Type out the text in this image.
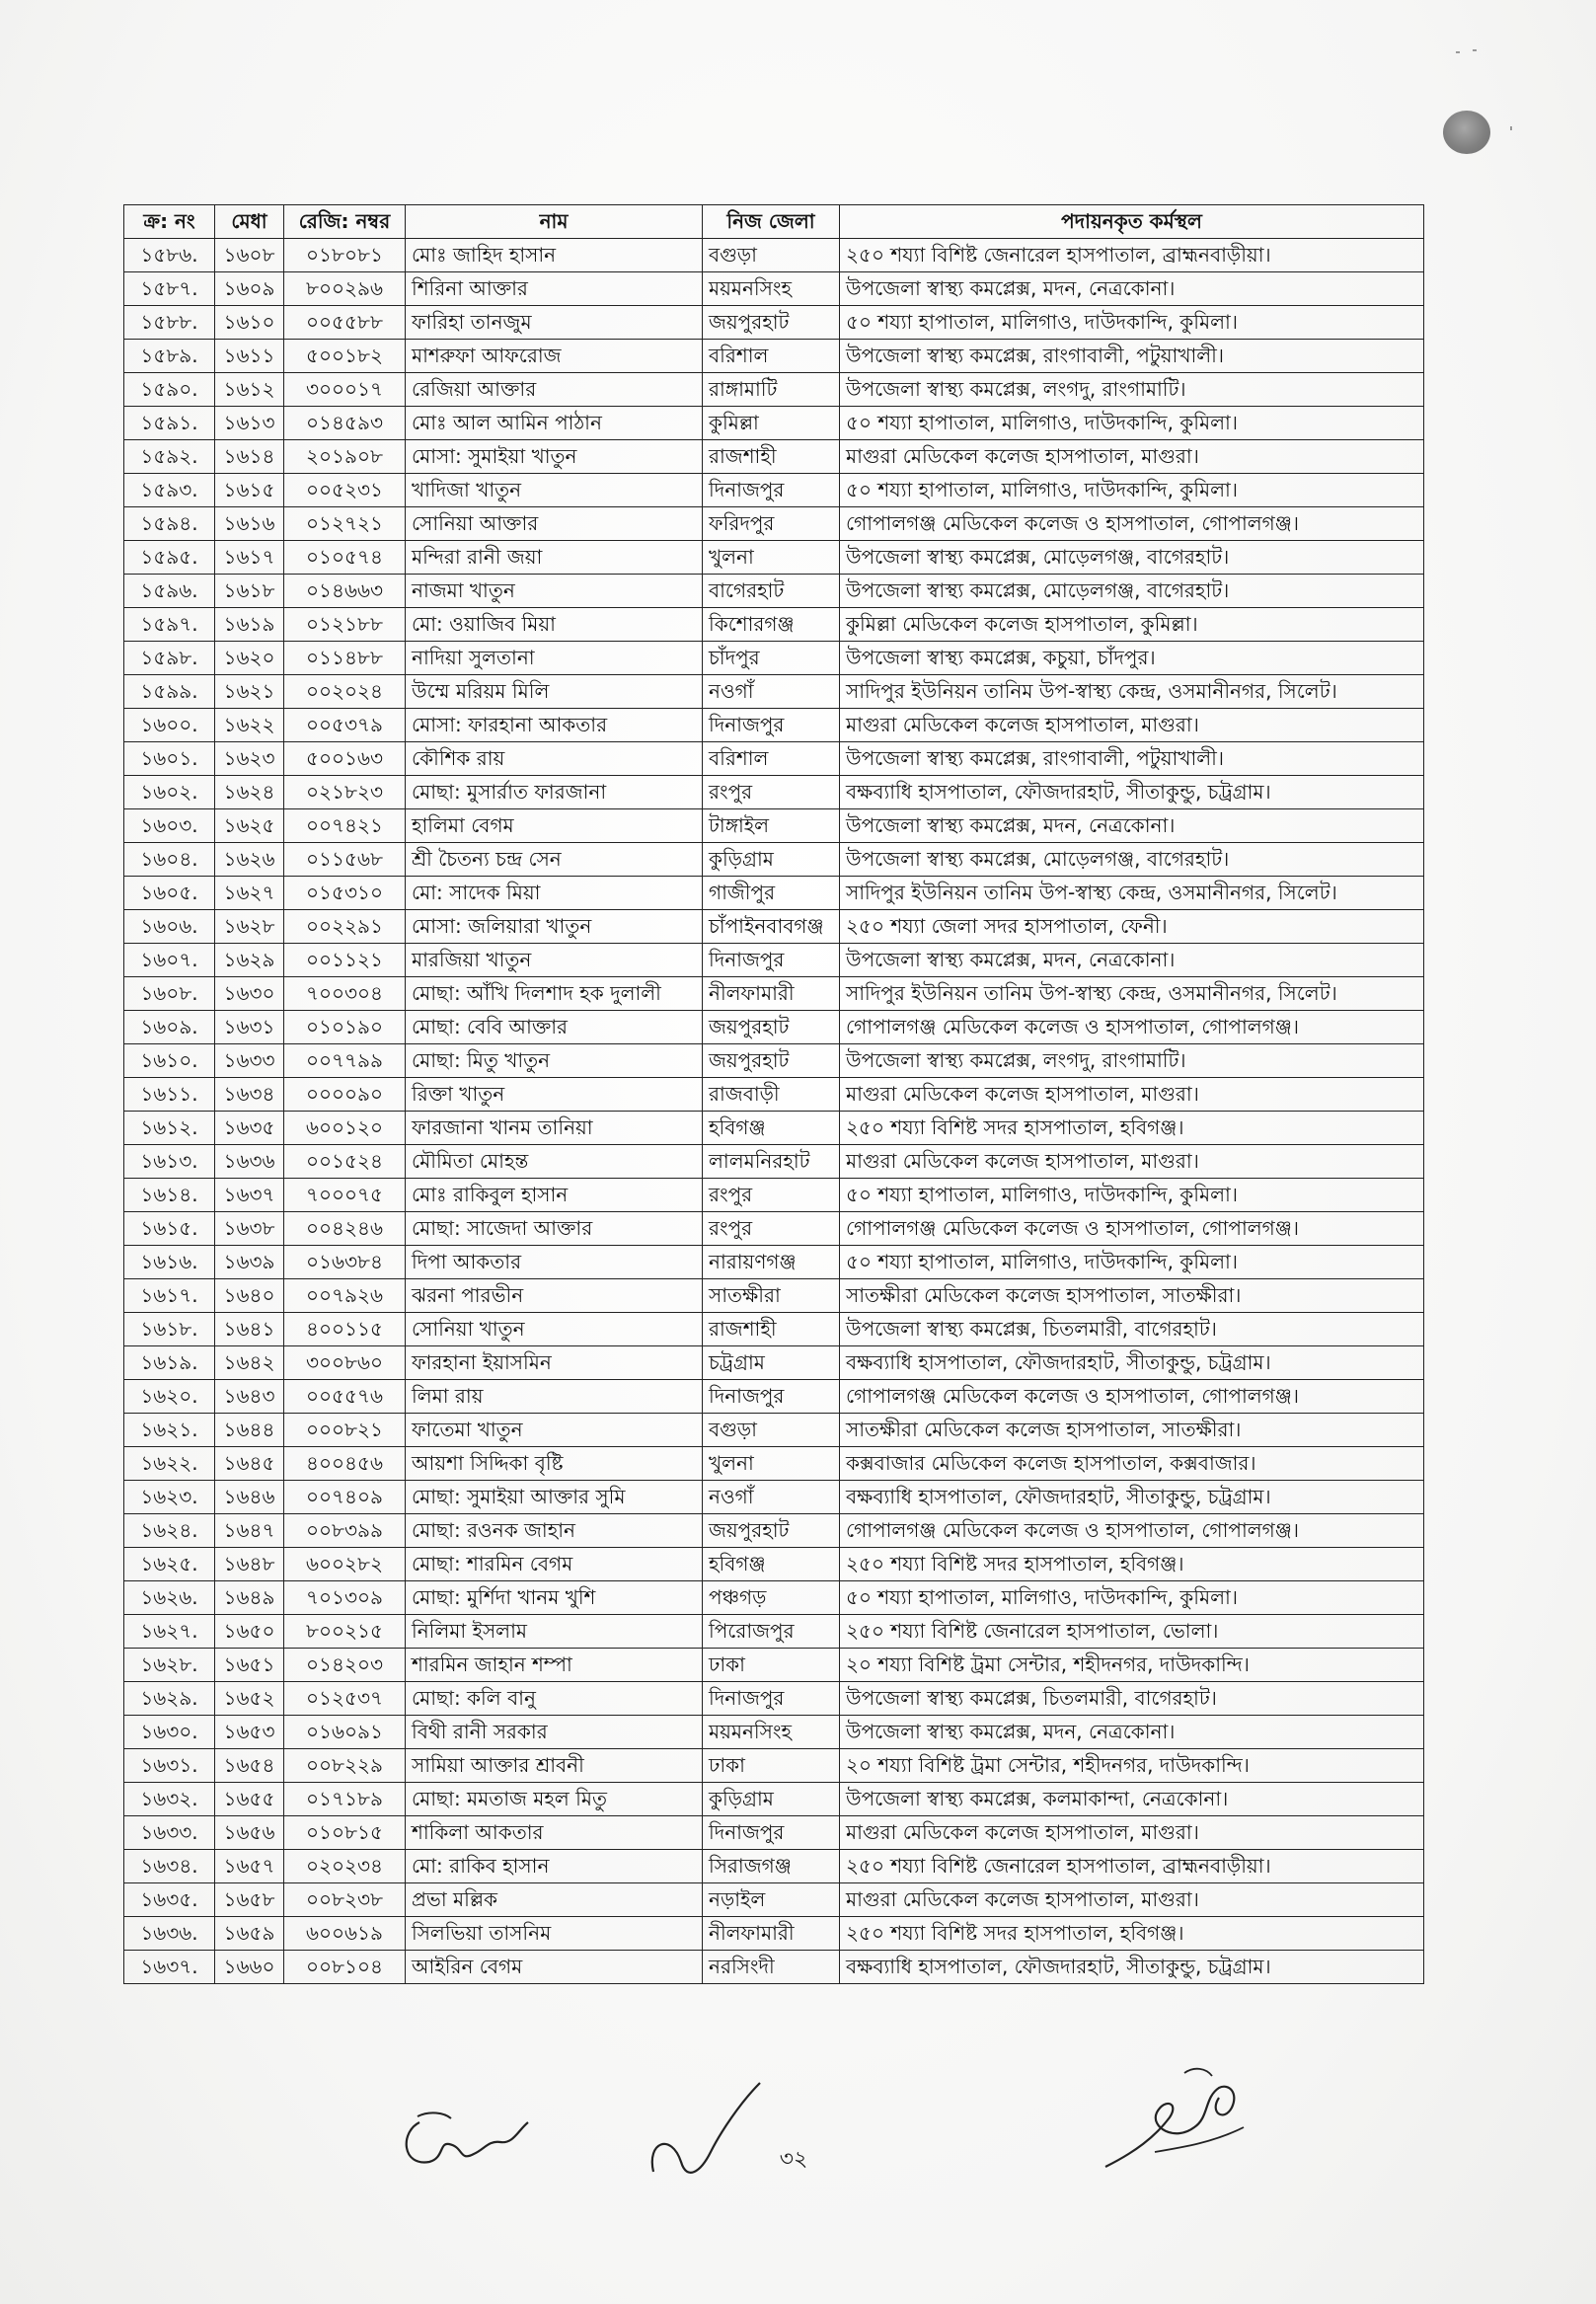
ক্র: নং	মেধা	রেজি: নম্বর	নাম	নিজ জেলা	পদায়নকৃত কর্মস্থল
১৫৮৬.	১৬০৮	০১৮০৮১	মোঃ জাহিদ হাসান	বগুড়া	২৫০ শয্যা বিশিষ্ট জেনারেল হাসপাতাল, ব্রাহ্মনবাড়ীয়া।
১৫৮৭.	১৬০৯	৮০০২৯৬	শিরিনা আক্তার	ময়মনসিংহ	উপজেলা স্বাস্থ্য কমপ্লেক্স, মদন, নেত্রকোনা।
১৫৮৮.	১৬১০	০০৫৫৮৮	ফারিহা তানজুম	জয়পুরহাট	৫০ শয্যা হাপাতাল, মালিগাও, দাউদকান্দি, কুমিলা।
১৫৮৯.	১৬১১	৫০০১৮২	মাশরুফা আফরোজ	বরিশাল	উপজেলা স্বাস্থ্য কমপ্লেক্স, রাংগাবালী, পটুয়াখালী।
১৫৯০.	১৬১২	৩০০০১৭	রেজিয়া আক্তার	রাঙ্গামাটি	উপজেলা স্বাস্থ্য কমপ্লেক্স, লংগদু, রাংগামাটি।
১৫৯১.	১৬১৩	০১৪৫৯৩	মোঃ আল আমিন পাঠান	কুমিল্লা	৫০ শয্যা হাপাতাল, মালিগাও, দাউদকান্দি, কুমিলা।
১৫৯২.	১৬১৪	২০১৯০৮	মোসা: সুমাইয়া খাতুন	রাজশাহী	মাগুরা মেডিকেল কলেজ হাসপাতাল, মাগুরা।
১৫৯৩.	১৬১৫	০০৫২৩১	খাদিজা খাতুন	দিনাজপুর	৫০ শয্যা হাপাতাল, মালিগাও, দাউদকান্দি, কুমিলা।
১৫৯৪.	১৬১৬	০১২৭২১	সোনিয়া আক্তার	ফরিদপুর	গোপালগঞ্জ মেডিকেল কলেজ ও হাসপাতাল, গোপালগঞ্জ।
১৫৯৫.	১৬১৭	০১০৫৭৪	মন্দিরা রানী জয়া	খুলনা	উপজেলা স্বাস্থ্য কমপ্লেক্স, মোড়েলগঞ্জ, বাগেরহাট।
১৫৯৬.	১৬১৮	০১৪৬৬৩	নাজমা খাতুন	বাগেরহাট	উপজেলা স্বাস্থ্য কমপ্লেক্স, মোড়েলগঞ্জ, বাগেরহাট।
১৫৯৭.	১৬১৯	০১২১৮৮	মো: ওয়াজিব মিয়া	কিশোরগঞ্জ	কুমিল্লা মেডিকেল কলেজ হাসপাতাল, কুমিল্লা।
১৫৯৮.	১৬২০	০১১৪৮৮	নাদিয়া সুলতানা	চাঁদপুর	উপজেলা স্বাস্থ্য কমপ্লেক্স, কচুয়া, চাঁদপুর।
১৫৯৯.	১৬২১	০০২০২৪	উম্মে মরিয়ম মিলি	নওগাঁ	সাদিপুর ইউনিয়ন তানিম উপ-স্বাস্থ্য কেন্দ্র, ওসমানীনগর, সিলেট।
১৬০০.	১৬২২	০০৫৩৭৯	মোসা: ফারহানা আকতার	দিনাজপুর	মাগুরা মেডিকেল কলেজ হাসপাতাল, মাগুরা।
১৬০১.	১৬২৩	৫০০১৬৩	কৌশিক রায়	বরিশাল	উপজেলা স্বাস্থ্য কমপ্লেক্স, রাংগাবালী, পটুয়াখালী।
১৬০২.	১৬২৪	০২১৮২৩	মোছা: মুসার্রাত ফারজানা	রংপুর	বক্ষব্যাধি হাসপাতাল, ফৌজদারহাট, সীতাকুন্ডু, চট্রগ্রাম।
১৬০৩.	১৬২৫	০০৭৪২১	হালিমা বেগম	টাঙ্গাইল	উপজেলা স্বাস্থ্য কমপ্লেক্স, মদন, নেত্রকোনা।
১৬০৪.	১৬২৬	০১১৫৬৮	শ্রী চৈতন্য চন্দ্র সেন	কুড়িগ্রাম	উপজেলা স্বাস্থ্য কমপ্লেক্স, মোড়েলগঞ্জ, বাগেরহাট।
১৬০৫.	১৬২৭	০১৫৩১০	মো: সাদেক মিয়া	গাজীপুর	সাদিপুর ইউনিয়ন তানিম উপ-স্বাস্থ্য কেন্দ্র, ওসমানীনগর, সিলেট।
১৬০৬.	১৬২৮	০০২২৯১	মোসা: জলিয়ারা খাতুন	চাঁপাইনবাবগঞ্জ	২৫০ শয্যা জেলা সদর হাসপাতাল, ফেনী।
১৬০৭.	১৬২৯	০০১১২১	মারজিয়া খাতুন	দিনাজপুর	উপজেলা স্বাস্থ্য কমপ্লেক্স, মদন, নেত্রকোনা।
১৬০৮.	১৬৩০	৭০০৩০৪	মোছা: আঁখি দিলশাদ হক দুলালী	নীলফামারী	সাদিপুর ইউনিয়ন তানিম উপ-স্বাস্থ্য কেন্দ্র, ওসমানীনগর, সিলেট।
১৬০৯.	১৬৩১	০১০১৯০	মোছা: বেবি আক্তার	জয়পুরহাট	গোপালগঞ্জ মেডিকেল কলেজ ও হাসপাতাল, গোপালগঞ্জ।
১৬১০.	১৬৩৩	০০৭৭৯৯	মোছা: মিতু খাতুন	জয়পুরহাট	উপজেলা স্বাস্থ্য কমপ্লেক্স, লংগদু, রাংগামাটি।
১৬১১.	১৬৩৪	০০০০৯০	রিক্তা খাতুন	রাজবাড়ী	মাগুরা মেডিকেল কলেজ হাসপাতাল, মাগুরা।
১৬১২.	১৬৩৫	৬০০১২০	ফারজানা খানম তানিয়া	হবিগঞ্জ	২৫০ শয্যা বিশিষ্ট সদর হাসপাতাল, হবিগঞ্জ।
১৬১৩.	১৬৩৬	০০১৫২৪	মৌমিতা মোহন্ত	লালমনিরহাট	মাগুরা মেডিকেল কলেজ হাসপাতাল, মাগুরা।
১৬১৪.	১৬৩৭	৭০০০৭৫	মোঃ রাকিবুল হাসান	রংপুর	৫০ শয্যা হাপাতাল, মালিগাও, দাউদকান্দি, কুমিলা।
১৬১৫.	১৬৩৮	০০৪২৪৬	মোছা: সাজেদা আক্তার	রংপুর	গোপালগঞ্জ মেডিকেল কলেজ ও হাসপাতাল, গোপালগঞ্জ।
১৬১৬.	১৬৩৯	০১৬৩৮৪	দিপা আকতার	নারায়ণগঞ্জ	৫০ শয্যা হাপাতাল, মালিগাও, দাউদকান্দি, কুমিলা।
১৬১৭.	১৬৪০	০০৭৯২৬	ঝরনা পারভীন	সাতক্ষীরা	সাতক্ষীরা মেডিকেল কলেজ হাসপাতাল, সাতক্ষীরা।
১৬১৮.	১৬৪১	৪০০১১৫	সোনিয়া খাতুন	রাজশাহী	উপজেলা স্বাস্থ্য কমপ্লেক্স, চিতলমারী, বাগেরহাট।
১৬১৯.	১৬৪২	৩০০৮৬০	ফারহানা ইয়াসমিন	চট্রগ্রাম	বক্ষব্যাধি হাসপাতাল, ফৌজদারহাট, সীতাকুন্ডু, চট্রগ্রাম।
১৬২০.	১৬৪৩	০০৫৫৭৬	লিমা রায়	দিনাজপুর	গোপালগঞ্জ মেডিকেল কলেজ ও হাসপাতাল, গোপালগঞ্জ।
১৬২১.	১৬৪৪	০০০৮২১	ফাতেমা খাতুন	বগুড়া	সাতক্ষীরা মেডিকেল কলেজ হাসপাতাল, সাতক্ষীরা।
১৬২২.	১৬৪৫	৪০০৪৫৬	আয়শা সিদ্দিকা বৃষ্টি	খুলনা	কক্সবাজার মেডিকেল কলেজ হাসপাতাল, কক্সবাজার।
১৬২৩.	১৬৪৬	০০৭৪০৯	মোছা: সুমাইয়া আক্তার সুমি	নওগাঁ	বক্ষব্যাধি হাসপাতাল, ফৌজদারহাট, সীতাকুন্ডু, চট্রগ্রাম।
১৬২৪.	১৬৪৭	০০৮৩৯৯	মোছা: রওনক জাহান	জয়পুরহাট	গোপালগঞ্জ মেডিকেল কলেজ ও হাসপাতাল, গোপালগঞ্জ।
১৬২৫.	১৬৪৮	৬০০২৮২	মোছা: শারমিন বেগম	হবিগঞ্জ	২৫০ শয্যা বিশিষ্ট সদর হাসপাতাল, হবিগঞ্জ।
১৬২৬.	১৬৪৯	৭০১৩০৯	মোছা: মুর্শিদা খানম খুশি	পঞ্চগড়	৫০ শয্যা হাপাতাল, মালিগাও, দাউদকান্দি, কুমিলা।
১৬২৭.	১৬৫০	৮০০২১৫	নিলিমা ইসলাম	পিরোজপুর	২৫০ শয্যা বিশিষ্ট জেনারেল হাসপাতাল, ভোলা।
১৬২৮.	১৬৫১	০১৪২০৩	শারমিন জাহান শম্পা	ঢাকা	২০ শয্যা বিশিষ্ট ট্রমা সেন্টার, শহীদনগর, দাউদকান্দি।
১৬২৯.	১৬৫২	০১২৫৩৭	মোছা: কলি বানু	দিনাজপুর	উপজেলা স্বাস্থ্য কমপ্লেক্স, চিতলমারী, বাগেরহাট।
১৬৩০.	১৬৫৩	০১৬০৯১	বিথী রানী সরকার	ময়মনসিংহ	উপজেলা স্বাস্থ্য কমপ্লেক্স, মদন, নেত্রকোনা।
১৬৩১.	১৬৫৪	০০৮২২৯	সামিয়া আক্তার শ্রাবনী	ঢাকা	২০ শয্যা বিশিষ্ট ট্রমা সেন্টার, শহীদনগর, দাউদকান্দি।
১৬৩২.	১৬৫৫	০১৭১৮৯	মোছা: মমতাজ মহল মিতু	কুড়িগ্রাম	উপজেলা স্বাস্থ্য কমপ্লেক্স, কলমাকান্দা, নেত্রকোনা।
১৬৩৩.	১৬৫৬	০১০৮১৫	শাকিলা আকতার	দিনাজপুর	মাগুরা মেডিকেল কলেজ হাসপাতাল, মাগুরা।
১৬৩৪.	১৬৫৭	০২০২৩৪	মো: রাকিব হাসান	সিরাজগঞ্জ	২৫০ শয্যা বিশিষ্ট জেনারেল হাসপাতাল, ব্রাহ্মনবাড়ীয়া।
১৬৩৫.	১৬৫৮	০০৮২৩৮	প্রভা মল্লিক	নড়াইল	মাগুরা মেডিকেল কলেজ হাসপাতাল, মাগুরা।
১৬৩৬.	১৬৫৯	৬০০৬১৯	সিলভিয়া তাসনিম	নীলফামারী	২৫০ শয্যা বিশিষ্ট সদর হাসপাতাল, হবিগঞ্জ।
১৬৩৭.	১৬৬০	০০৮১০৪	আইরিন বেগম	নরসিংদী	বক্ষব্যাধি হাসপাতাল, ফৌজদারহাট, সীতাকুন্ডু, চট্রগ্রাম।
৩২
